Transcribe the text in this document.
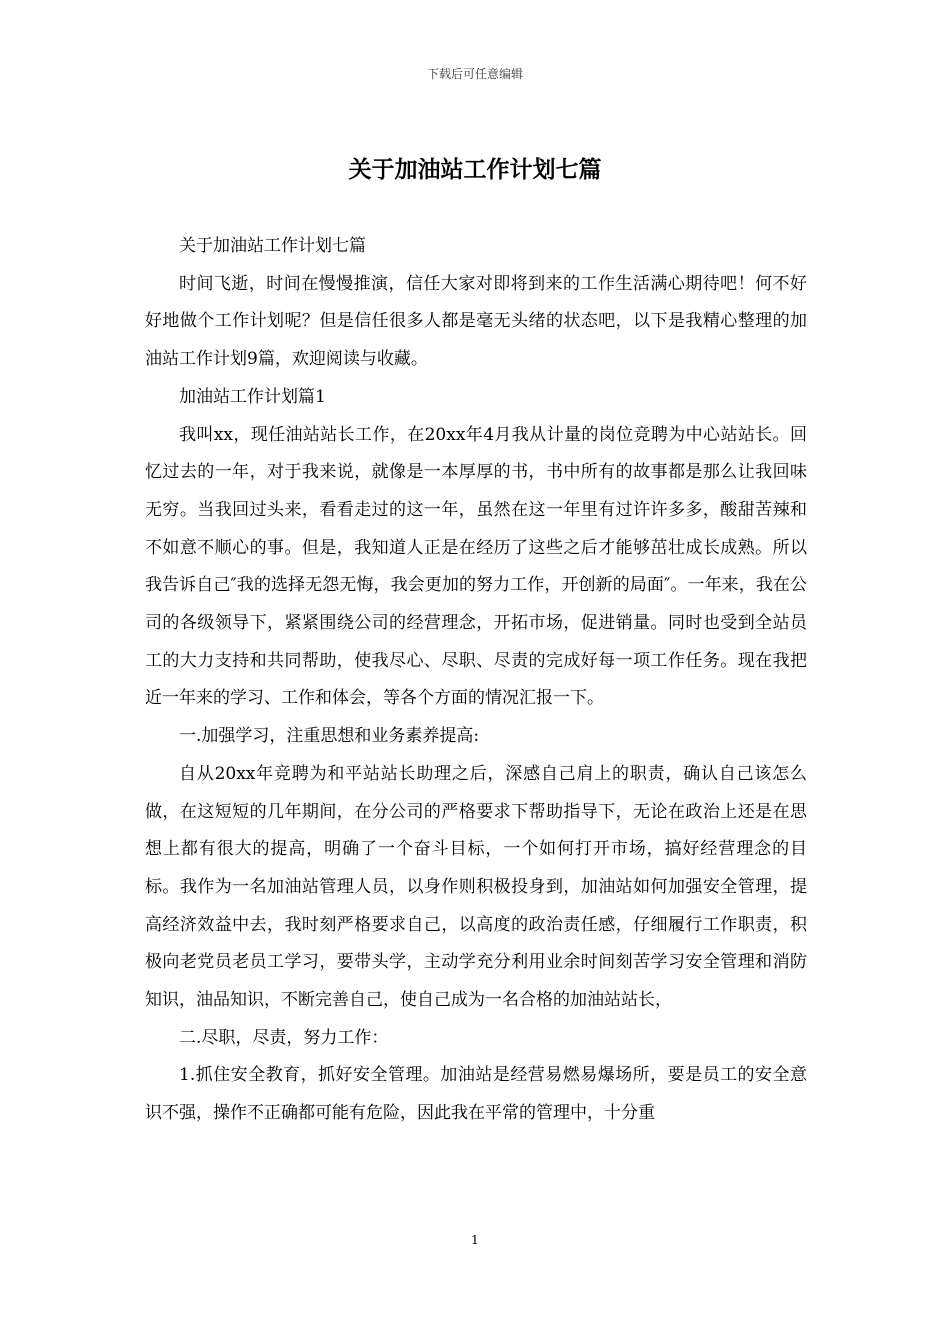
下载后可任意编辑
关于加油站工作计划七篇

关于加油站工作计划七篇

时间飞逝，时间在慢慢推演，信任大家对即将到来的工作生活满心期待吧！何不好好地做个工作计划呢？但是信任很多人都是毫无头绪的状态吧，以下是我精心整理的加油站工作计划9篇，欢迎阅读与收藏。

加油站工作计划篇1

我叫xx，现任油站站长工作，在20xx年4月我从计量的岗位竞聘为中心站站长。回忆过去的一年，对于我来说，就像是一本厚厚的书，书中所有的故事都是那么让我回味无穷。当我回过头来，看看走过的这一年，虽然在这一年里有过许许多多，酸甜苦辣和不如意不顺心的事。但是，我知道人正是在经历了这些之后才能够茁壮成长成熟。所以我告诉自己″我的选择无怨无悔，我会更加的努力工作，开创新的局面″。一年来，我在公司的各级领导下，紧紧围绕公司的经营理念，开拓市场，促进销量。同时也受到全站员工的大力支持和共同帮助，使我尽心、尽职、尽责的完成好每一项工作任务。现在我把近一年来的学习、工作和体会，等各个方面的情况汇报一下。

一.加强学习，注重思想和业务素养提高:

自从20xx年竞聘为和平站站长助理之后，深感自己肩上的职责，确认自己该怎么做，在这短短的几年期间，在分公司的严格要求下帮助指导下，无论在政治上还是在思想上都有很大的提高，明确了一个奋斗目标，一个如何打开市场，搞好经营理念的目标。我作为一名加油站管理人员，以身作则积极投身到，加油站如何加强安全管理，提高经济效益中去，我时刻严格要求自己，以高度的政治责任感，仔细履行工作职责，积极向老党员老员工学习，要带头学，主动学充分利用业余时间刻苦学习安全管理和消防知识，油品知识，不断完善自己，使自己成为一名合格的加油站站长，

二.尽职，尽责，努力工作：

1.抓住安全教育，抓好安全管理。加油站是经营易燃易爆场所，要是员工的安全意识不强，操作不正确都可能有危险，因此我在平常的管理中，十分重

1
